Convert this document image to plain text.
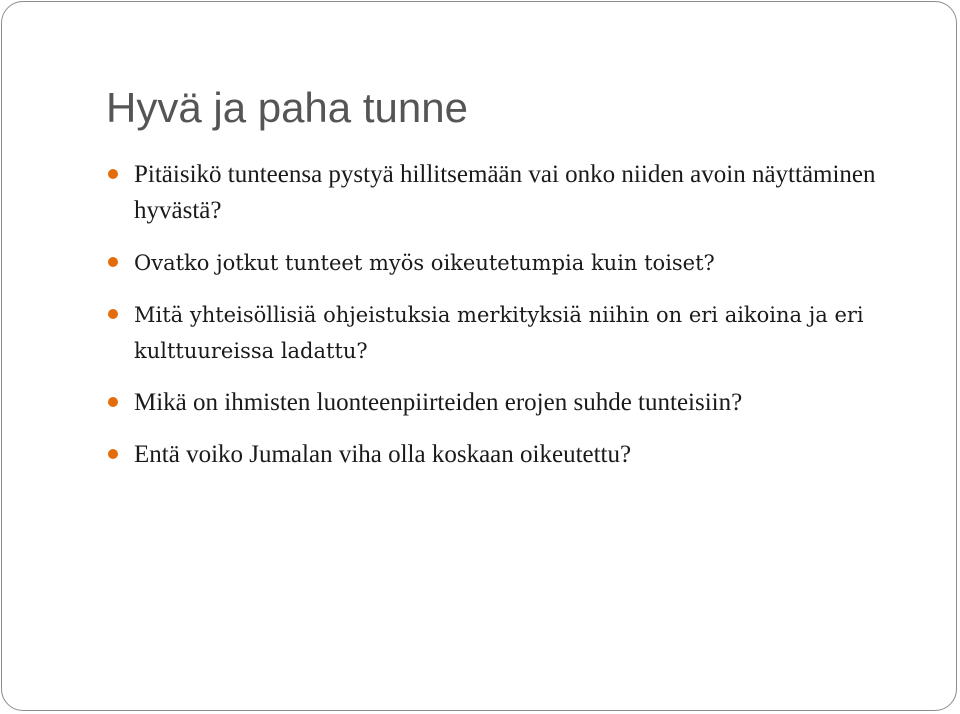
Hyvä ja paha tunne
Pitäisikö tunteensa pystyä hillitsemään vai onko niiden avoin näyttäminen hyvästä?
Ovatko jotkut tunteet myös oikeutetumpia kuin toiset?
Mitä yhteisöllisiä ohjeistuksia merkityksiä niihin on eri aikoina ja eri kulttuureissa ladattu?
Mikä on ihmisten luonteenpiirteiden erojen suhde tunteisiin?
Entä voiko Jumalan viha olla koskaan oikeutettu?
